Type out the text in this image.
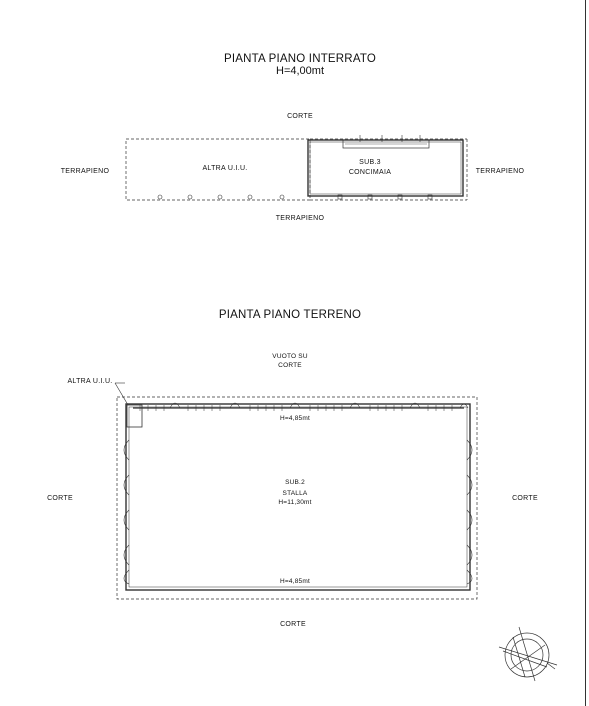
PIANTA PIANO INTERRATO
H=4,00mt
CORTE
TERRAPIENO	TERRAPIENO
TERRAPIENO
ALTRA U.I.U.
SUB.3
CONCIMAIA
PIANTA PIANO TERRENO
VUOTO SU
CORTE
ALTRA U.I.U.
H=4,85mt
SUB.2
STALLA
H=11,30mt
CORTE	CORTE
H=4,85mt
CORTE
